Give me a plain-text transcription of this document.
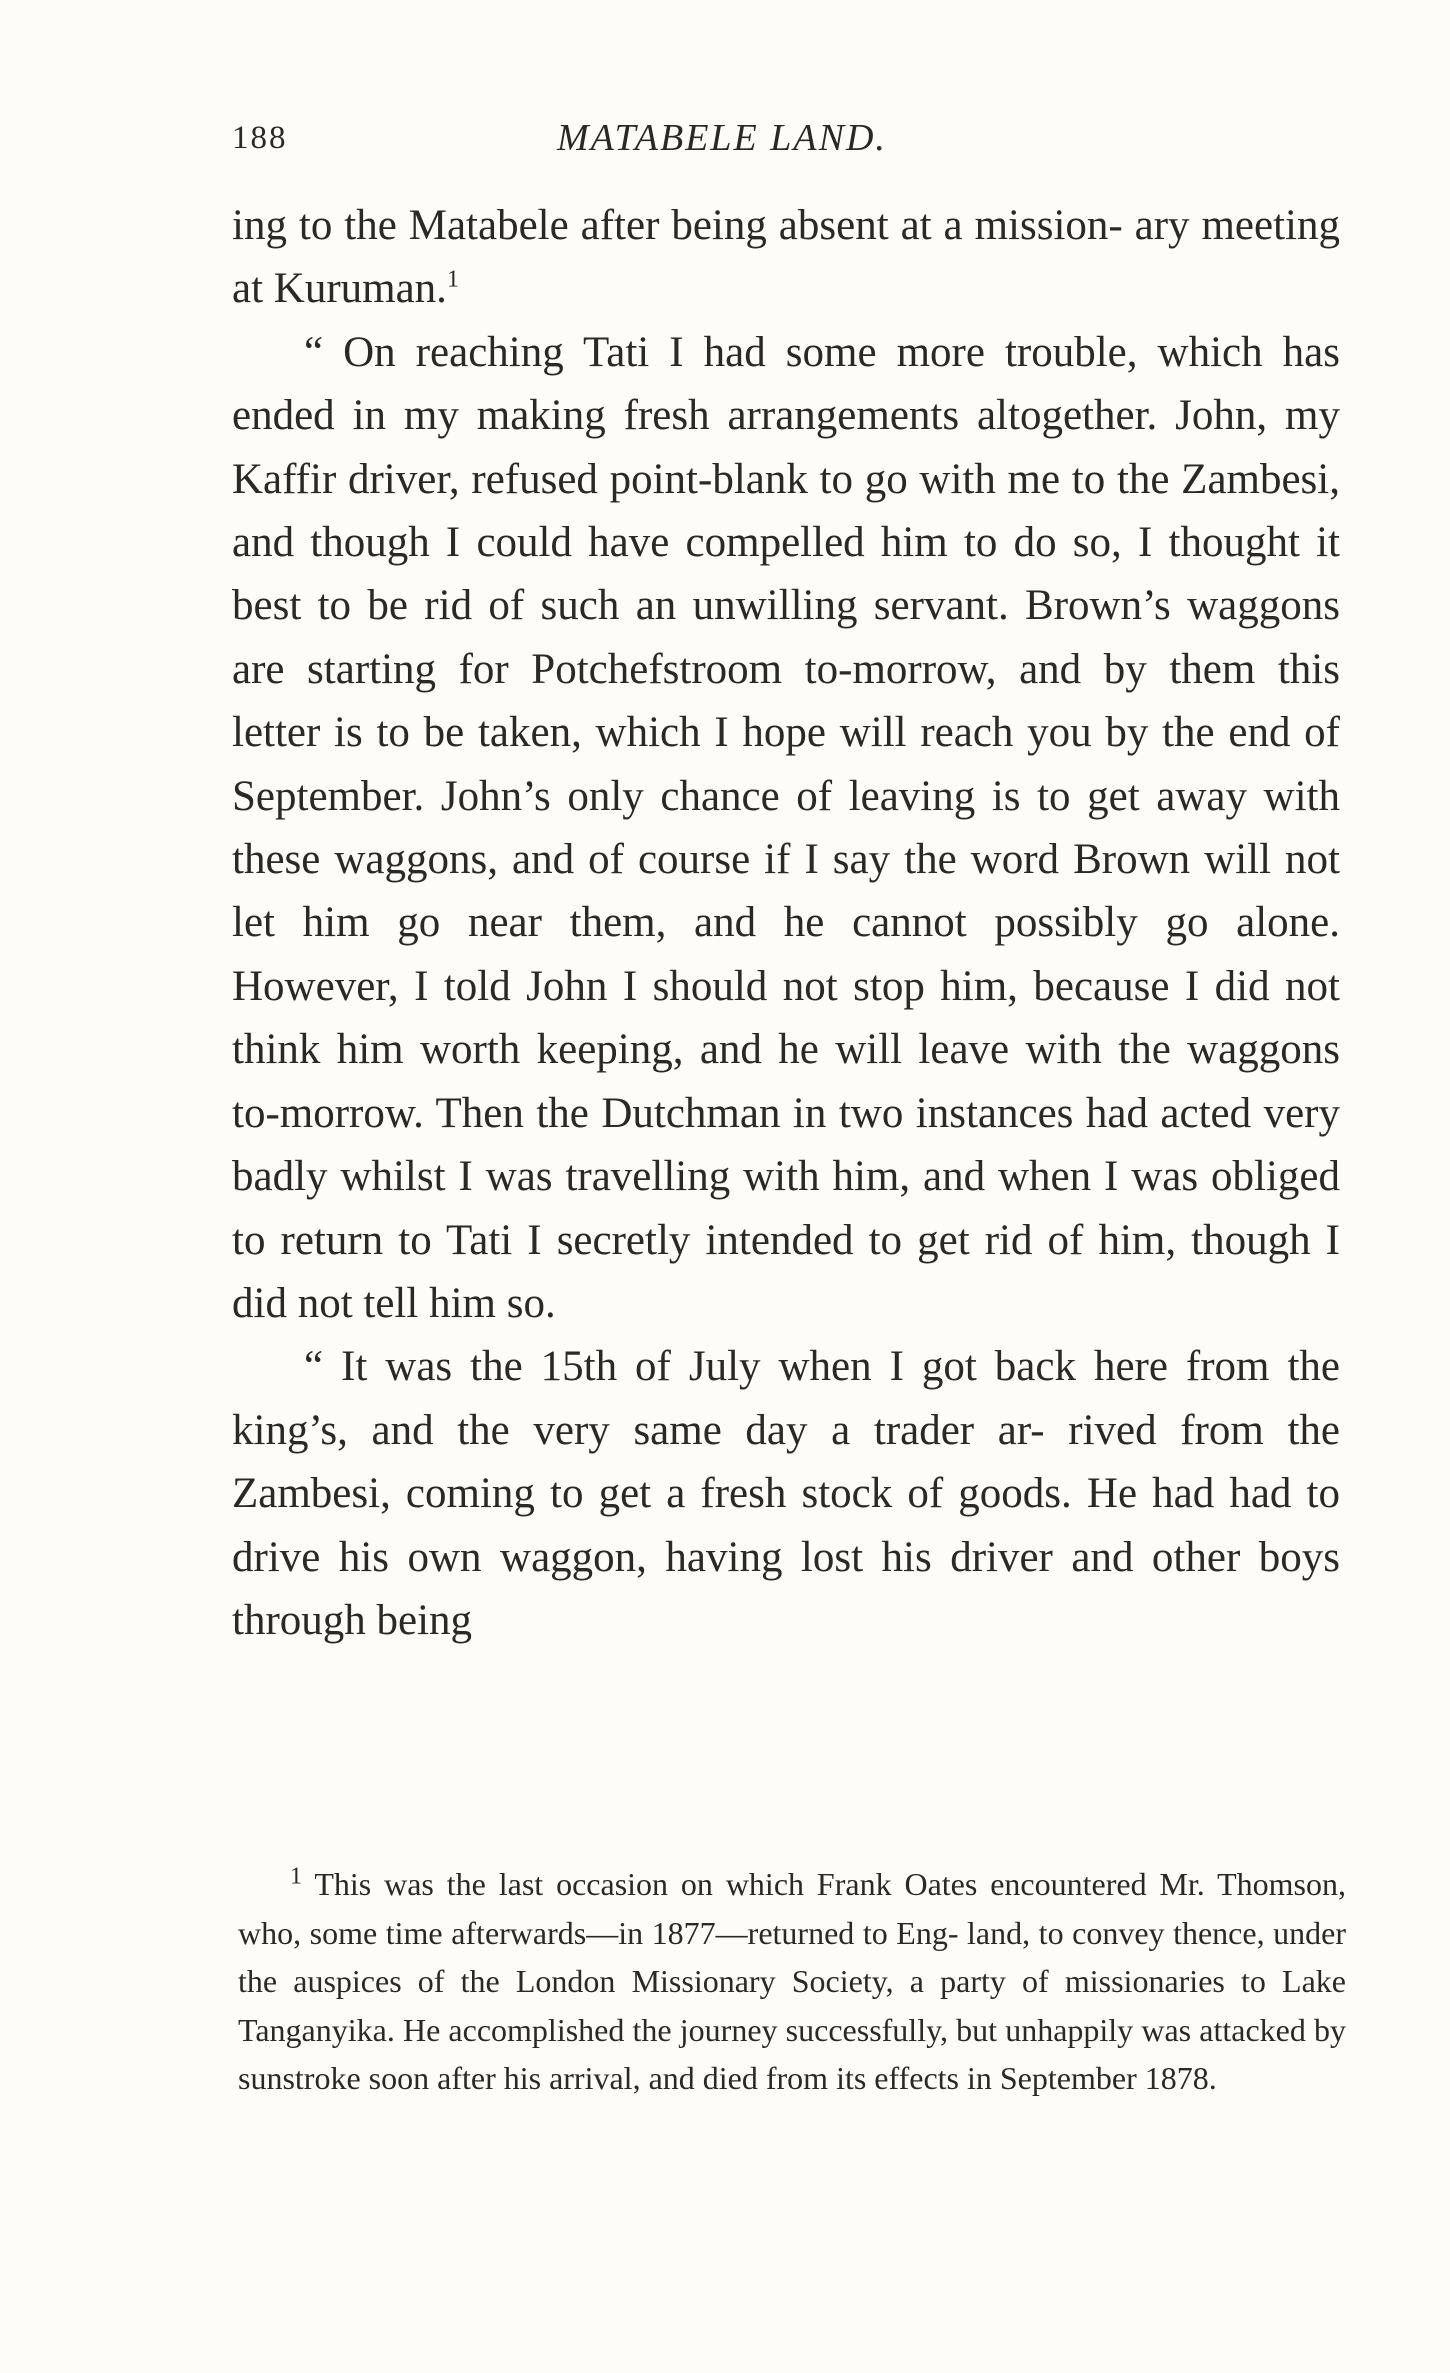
188	MATABELE LAND.

ing to the Matabele after being absent at a mission- ary meeting at Kuruman.$^1$

“ On reaching Tati I had some more trouble, which has ended in my making fresh arrangements altogether. John, my Kaffir driver, refused point-blank to go with me to the Zambesi, and though I could have compelled him to do so, I thought it best to be rid of such an unwilling servant. Brown’s waggons are starting for Potchefstroom to-morrow, and by them this letter is to be taken, which I hope will reach you by the end of September. John’s only chance of leaving is to get away with these waggons, and of course if I say the word Brown will not let him go near them, and he cannot possibly go alone. However, I told John I should not stop him, because I did not think him worth keeping, and he will leave with the waggons to-morrow. Then the Dutchman in two instances had acted very badly whilst I was travelling with him, and when I was obliged to return to Tati I secretly intended to get rid of him, though I did not tell him so.

“ It was the 15th of July when I got back here from the king’s, and the very same day a trader ar- rived from the Zambesi, coming to get a fresh stock of goods. He had had to drive his own waggon, having lost his driver and other boys through being

$^1$ This was the last occasion on which Frank Oates encountered Mr. Thomson, who, some time afterwards—in 1877—returned to Eng- land, to convey thence, under the auspices of the London Missionary Society, a party of missionaries to Lake Tanganyika. He accomplished the journey successfully, but unhappily was attacked by sunstroke soon after his arrival, and died from its effects in September 1878.
